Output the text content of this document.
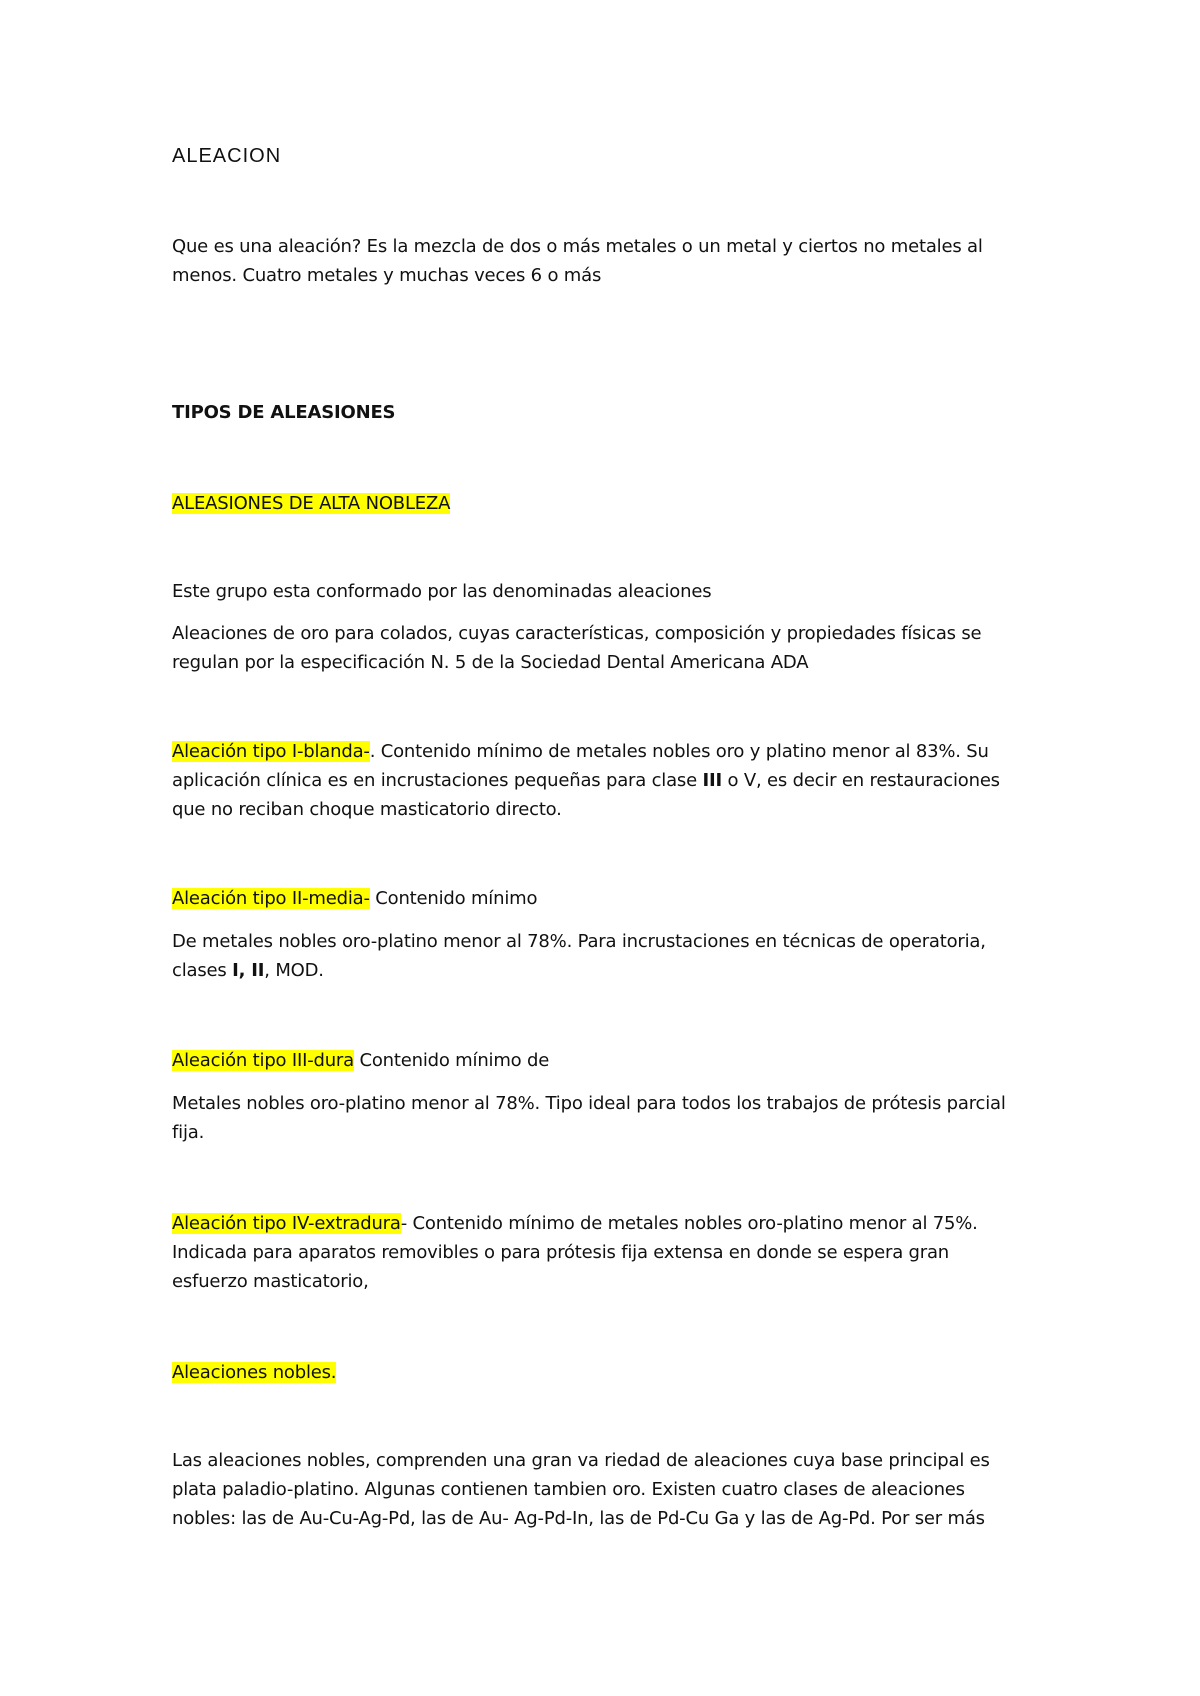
ALEACION

Que es una aleación? Es la mezcla de dos o más metales o un metal y ciertos no metales al

menos. Cuatro metales y muchas veces 6 o más

TIPOS DE ALEASIONES

ALEASIONES DE ALTA NOBLEZA

Este grupo esta conformado por las denominadas aleaciones

Aleaciones de oro para colados, cuyas características, composición y propiedades físicas se

regulan por la especificación N. 5 de la Sociedad Dental Americana ADA

Aleación tipo I-blanda-. Contenido mínimo de metales nobles oro y platino menor al 83%. Su

aplicación clínica es en incrustaciones pequeñas para clase III o V, es decir en restauraciones

que no reciban choque masticatorio directo.

Aleación tipo II-media- Contenido mínimo

De metales nobles oro-platino menor al 78%. Para incrustaciones en técnicas de operatoria,

clases I, II, MOD.

Aleación tipo III-dura Contenido mínimo de

Metales nobles oro-platino menor al 78%. Tipo ideal para todos los trabajos de prótesis parcial

fija.

Aleación tipo IV-extradura- Contenido mínimo de metales nobles oro-platino menor al 75%.

Indicada para aparatos removibles o para prótesis fija extensa en donde se espera gran

esfuerzo masticatorio,

Aleaciones nobles.

Las aleaciones nobles, comprenden una gran va riedad de aleaciones cuya base principal es

plata paladio-platino. Algunas contienen tambien oro. Existen cuatro clases de aleaciones

nobles: las de Au-Cu-Ag-Pd, las de Au- Ag-Pd-In, las de Pd-Cu Ga y las de Ag-Pd. Por ser más
